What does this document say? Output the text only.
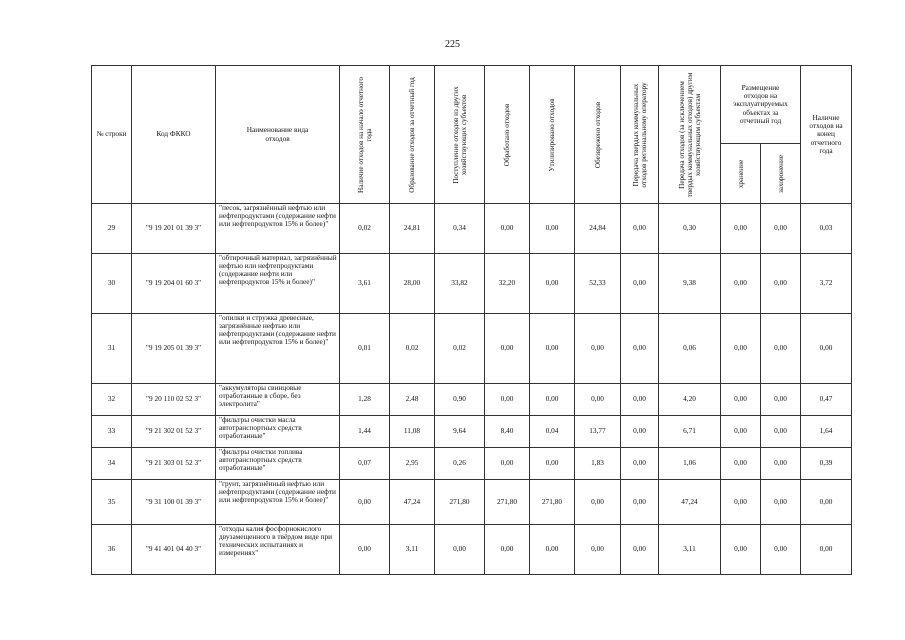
225
№ строки	Код ФККО	Наименование вида отходов	Наличие отходов на начало отчетного года	Образование отходов за отчетный год	Поступление отходов из других хозяйствующих субъектов	Обработано отходов	Утилизировано отходов	Обезврежено отходов	Передача твердых коммунальных отходов региональному оператору	Передача отходов (за исключением твердых коммунальных отходов) другим хозяйствующим субъектам	Размещение отходов на эксплуатируемых объектах за отчетный год		Наличие отходов на конец отчетного года

											хранение	захоронение	

29	"9 19 201 01 39 3"	"песок, загрязнённый нефтью или нефтепродуктами (содержание нефти или нефтепродуктов 15% и более)"	0,02	24,81	0,34	0,00	0,00	24,84	0,00	0,30	0,00	0,00	0,03
30	"9 19 204 01 60 3"	"обтирочный материал, загрязнённый нефтью или нефтепродуктами (содержание нефти или нефтепродуктов 15% и более)"	3,61	28,00	33,82	32,20	0,00	52,33	0,00	9,38	0,00	0,00	3,72
31	"9 19 205 01 39 3"	"опилки и стружка древесные, загрязнённые нефтью или нефтепродуктами (содержание нефти или нефтепродуктов 15% и более)"	0,01	0,02	0,02	0,00	0,00	0,00	0,00	0,06	0,00	0,00	0,00
32	"9 20 110 02 52 3"	"аккумуляторы свинцовые отработанные в сборе, без электролита"	1,28	2,48	0,90	0,00	0,00	0,00	0,00	4,20	0,00	0,00	0,47
33	"9 21 302 01 52 3"	"фильтры очистки масла автотранспортных средств отработанные"	1,44	11,08	9,64	8,40	0,04	13,77	0,00	6,71	0,00	0,00	1,64
34	"9 21 303 01 52 3"	"фильтры очистки топлива автотранспортных средств отработанные"	0,07	2,95	0,26	0,00	0,00	1,83	0,00	1,06	0,00	0,00	0,39
35	"9 31 100 01 39 3"	"грунт, загрязнённый нефтью или нефтепродуктами (содержание нефти или нефтепродуктов 15% и более)"	0,00	47,24	271,80	271,80	271,80	0,00	0,00	47,24	0,00	0,00	0,00
36	"9 41 401 04 40 3"	"отходы калия фосфорнокислого двузамещенного в твёрдом виде при технических испытаниях и измерениях"	0,00	3,11	0,00	0,00	0,00	0,00	0,00	3,11	0,00	0,00	0,00
